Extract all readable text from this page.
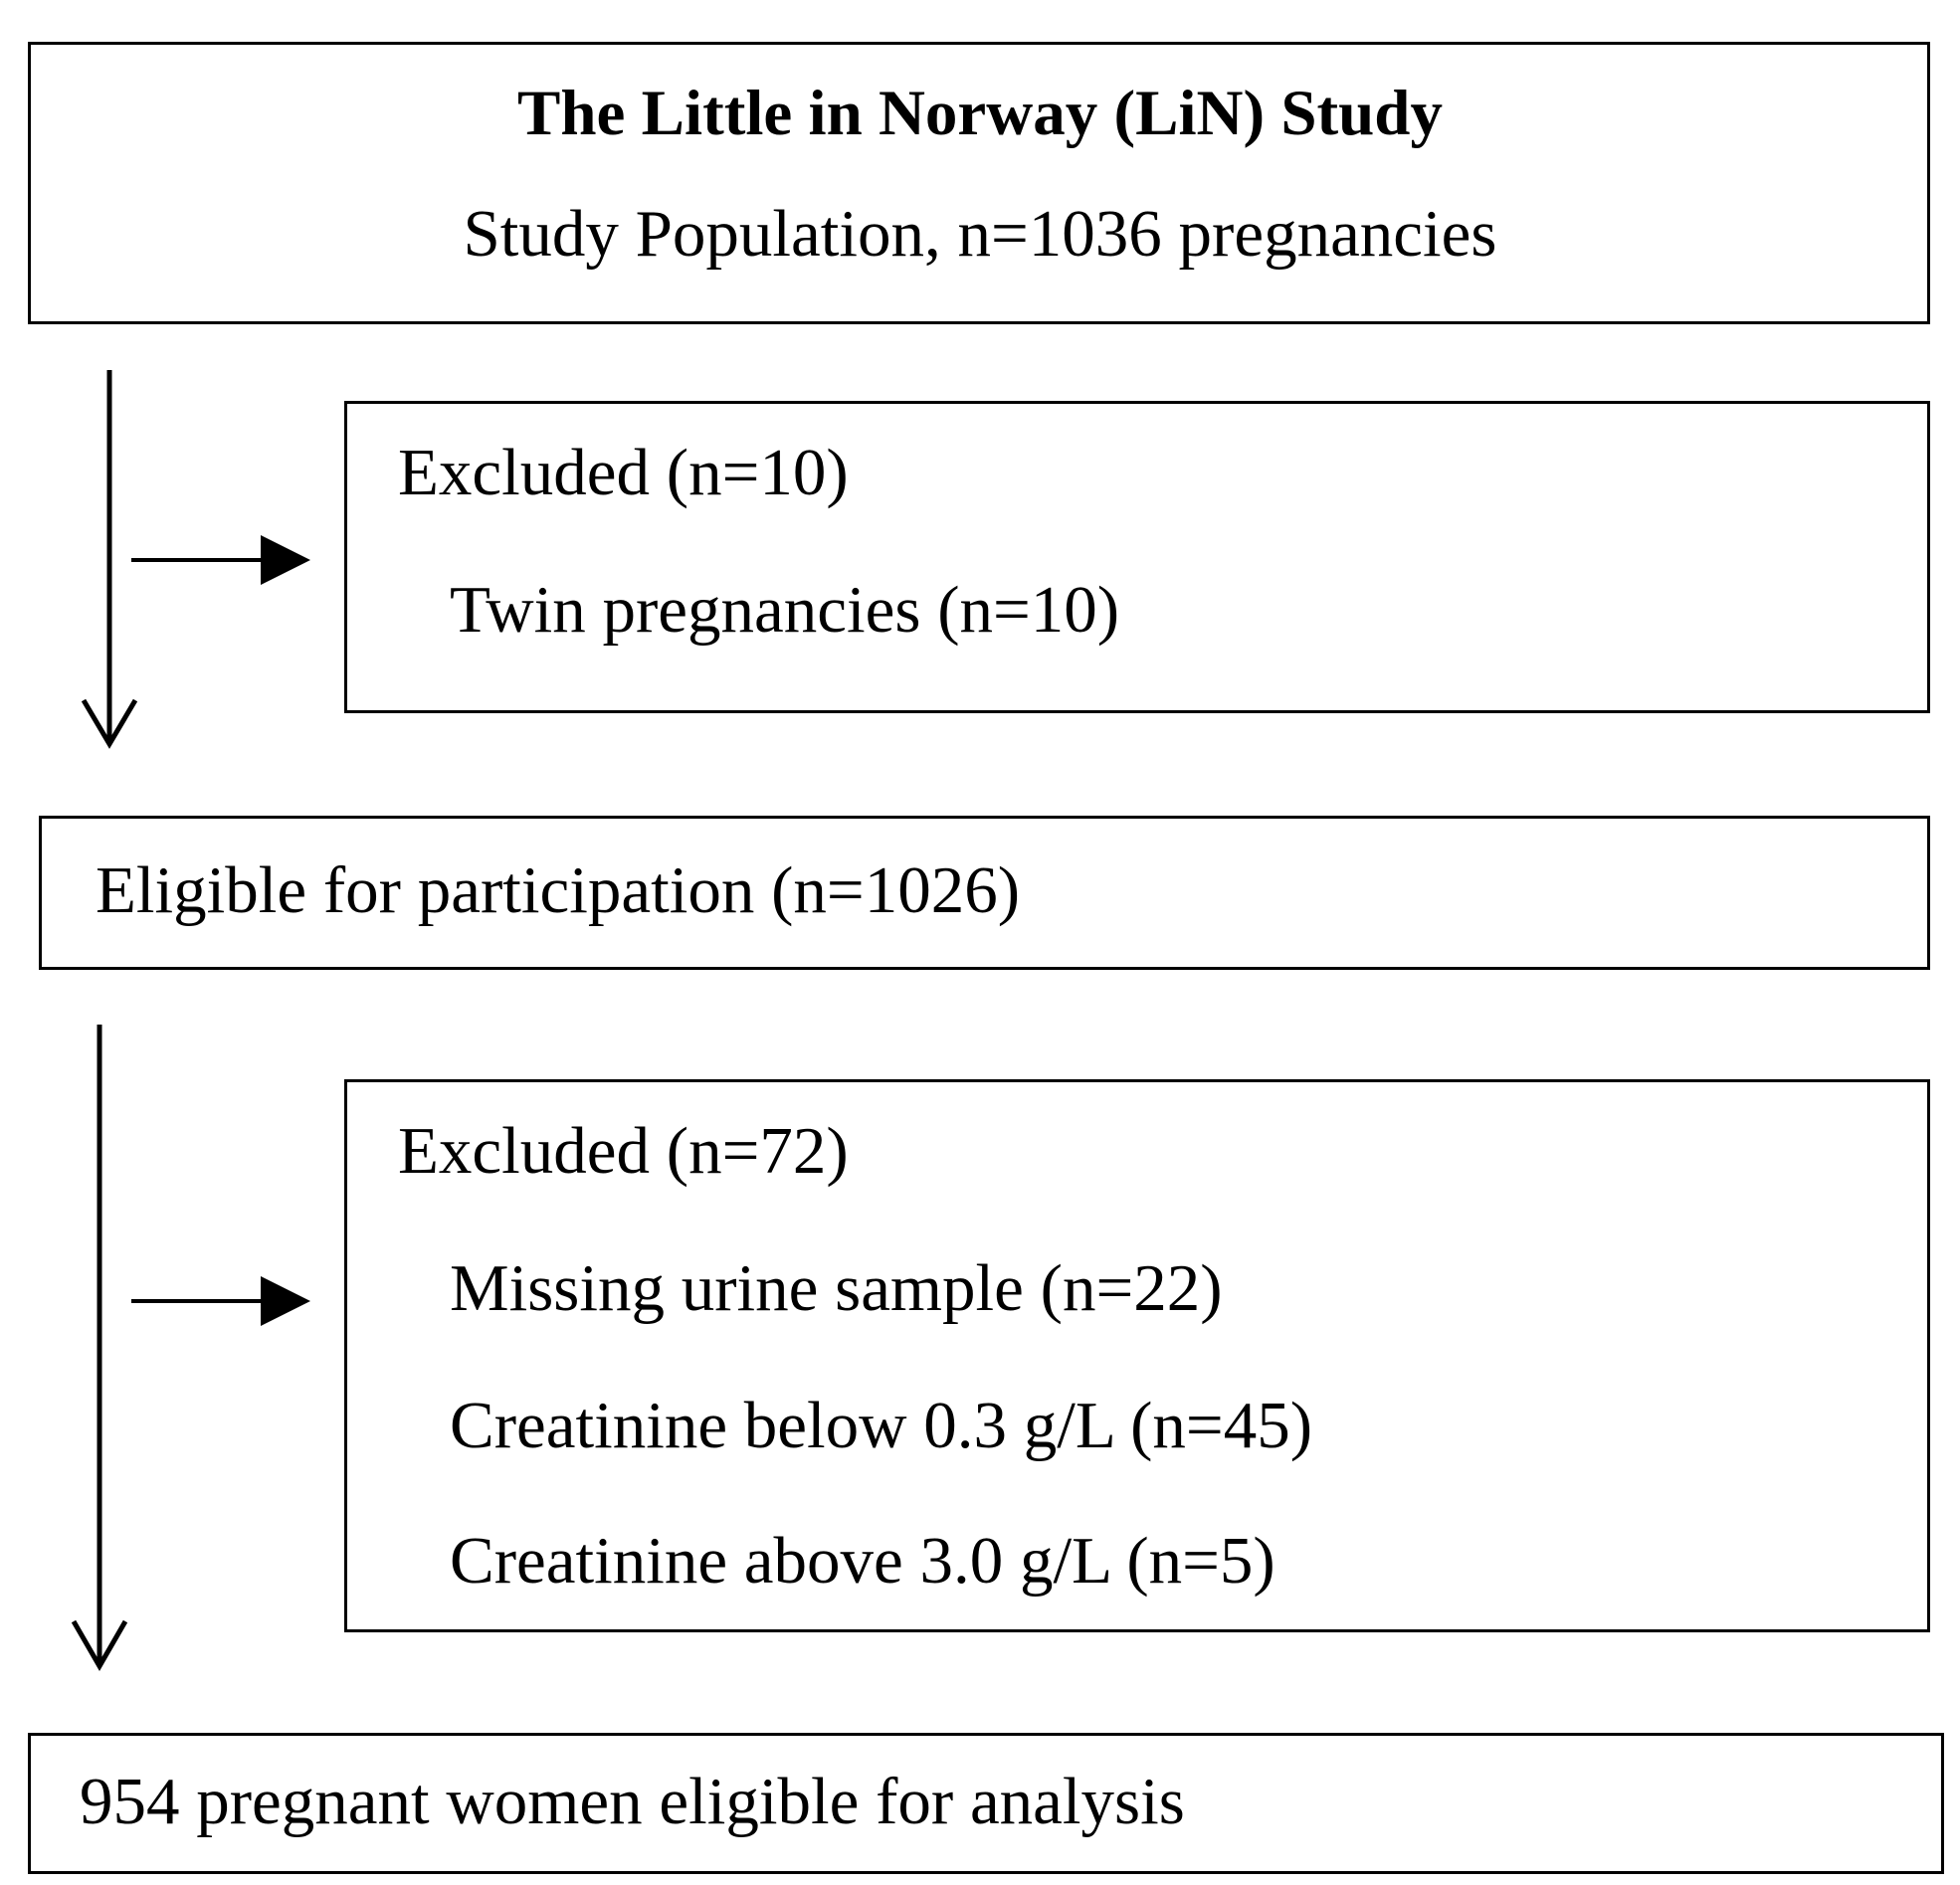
The Little in Norway (LiN) Study
Study Population, n=1036 pregnancies
Excluded (n=10)
Twin pregnancies (n=10)
Eligible for participation (n=1026)
Excluded (n=72)
Missing urine sample (n=22)
Creatinine below 0.3 g/L (n=45)
Creatinine above 3.0 g/L (n=5)
954 pregnant women eligible for analysis
